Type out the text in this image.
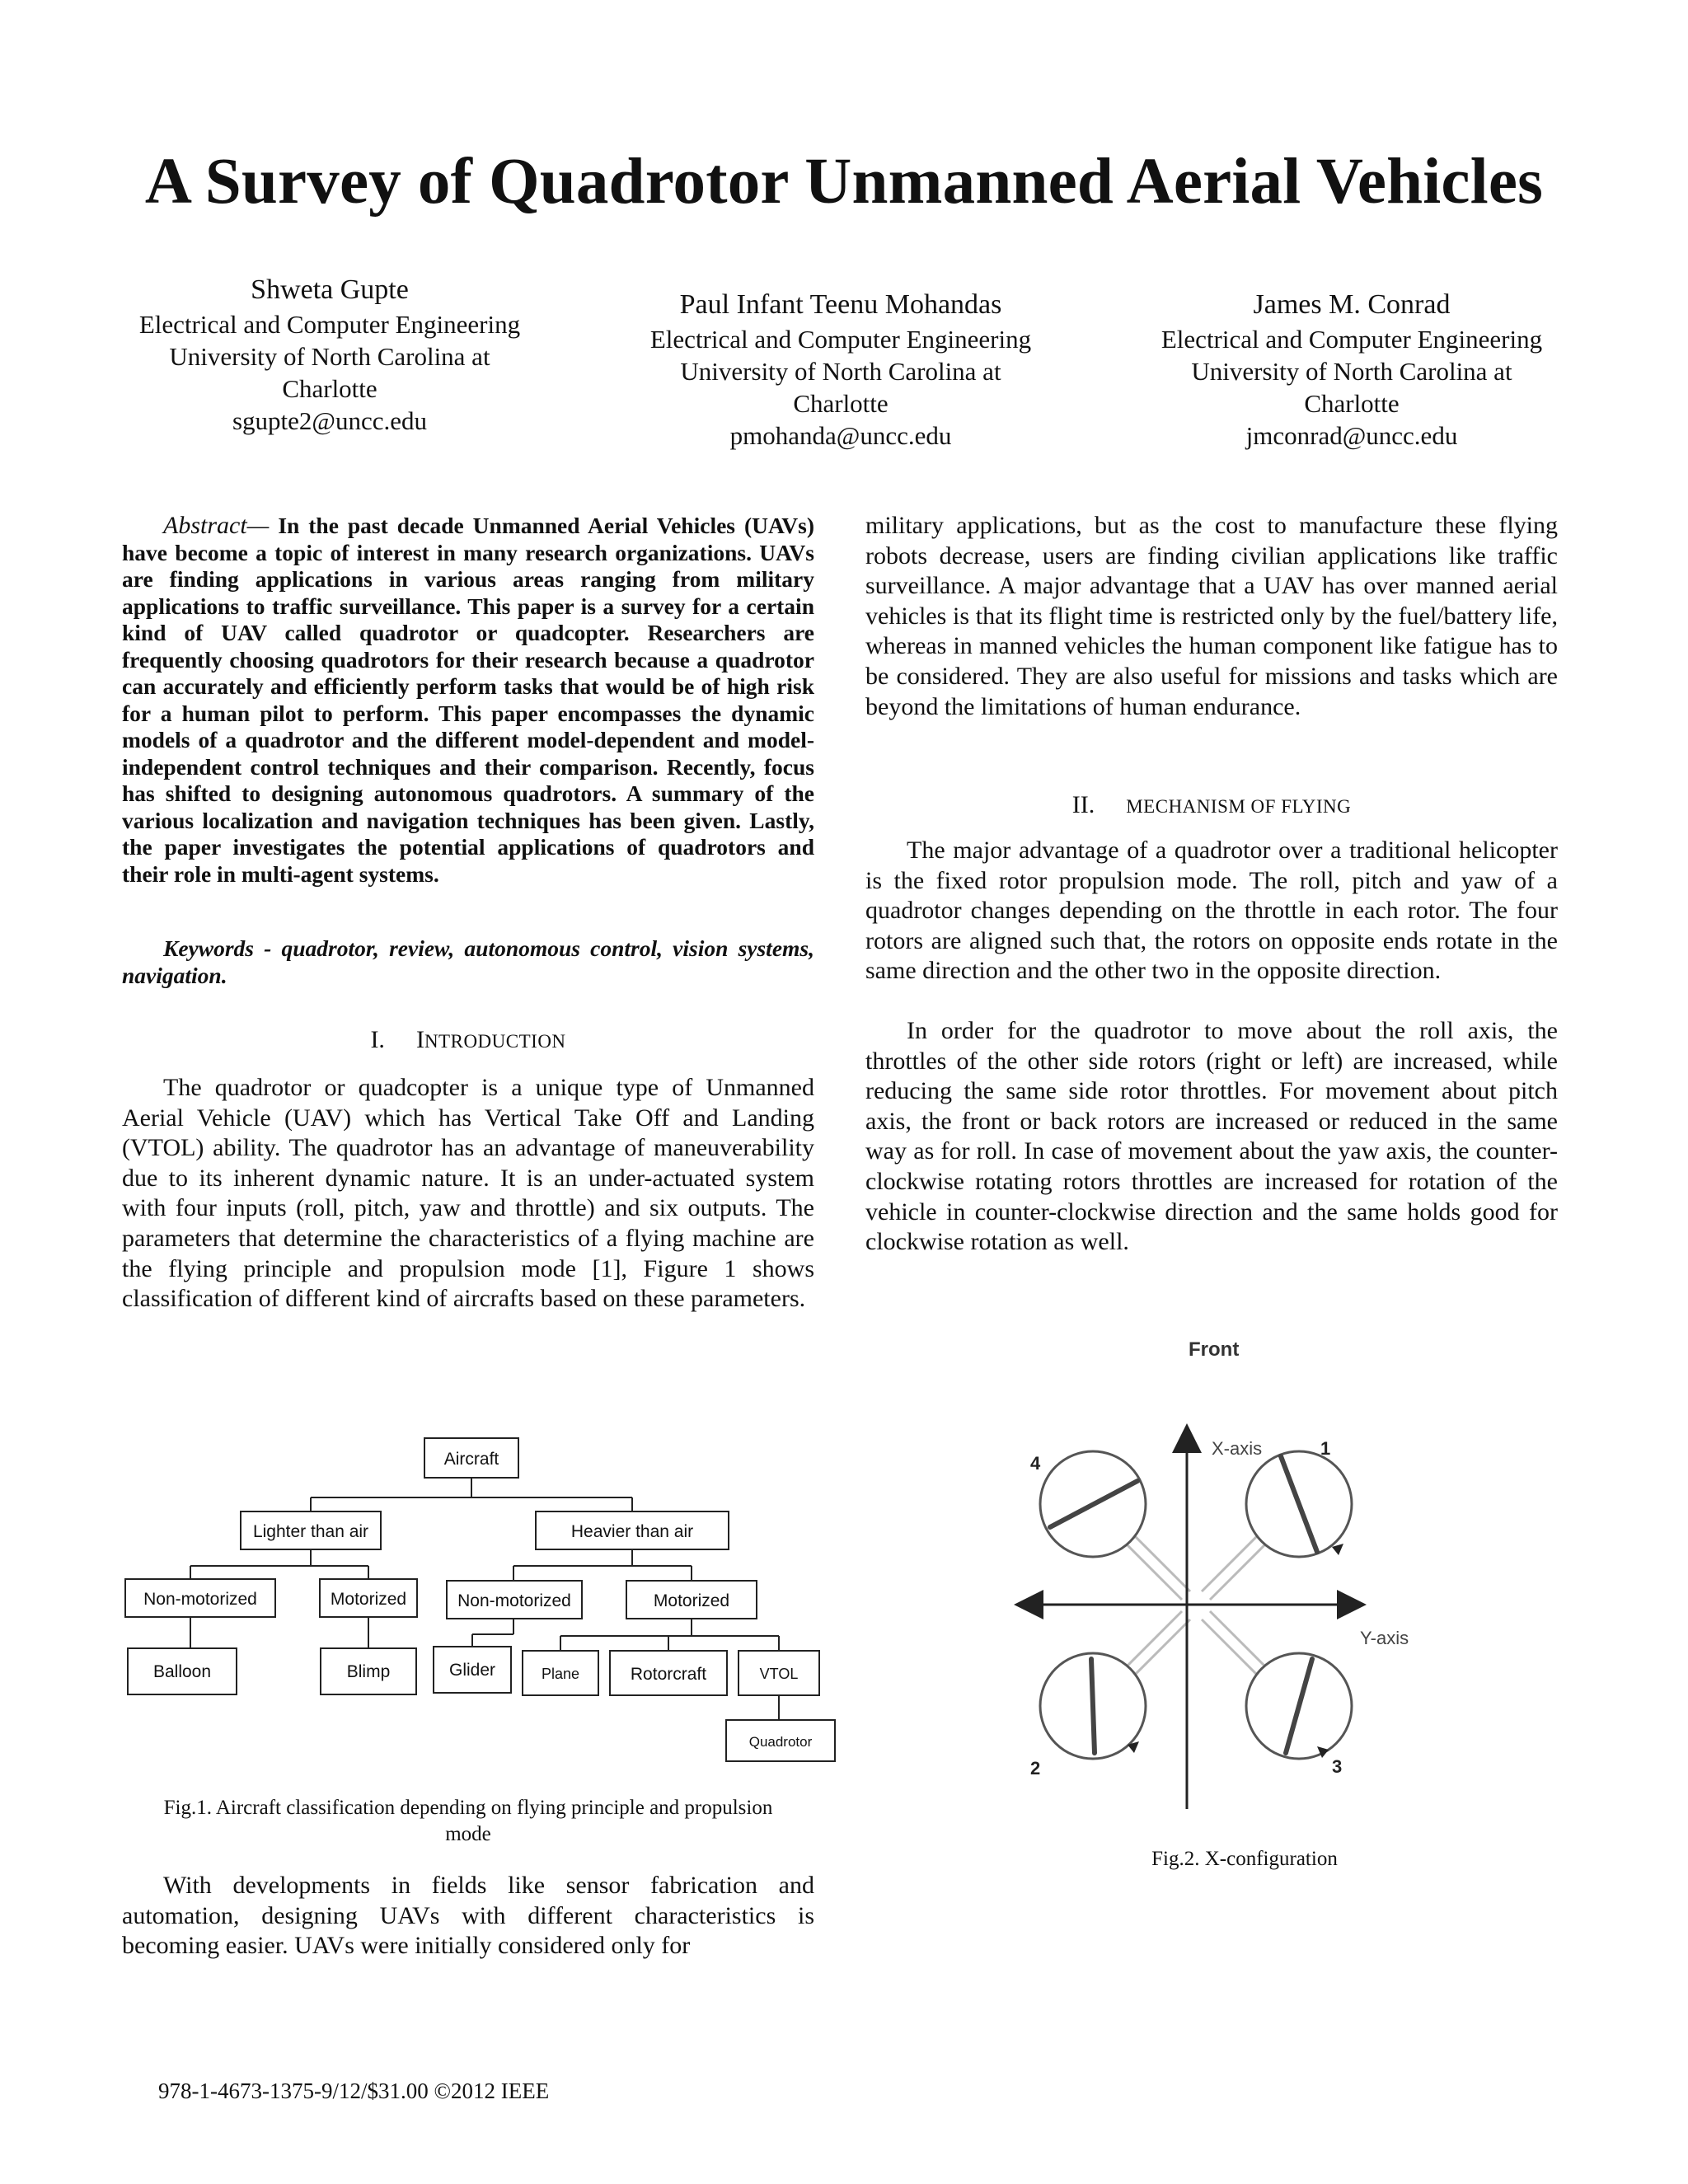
A Survey of Quadrotor Unmanned Aerial Vehicles
Shweta Gupte
Electrical and Computer Engineering
University of North Carolina at
Charlotte
sgupte2@uncc.edu
Paul Infant Teenu Mohandas
Electrical and Computer Engineering
University of North Carolina at
Charlotte
pmohanda@uncc.edu
James M. Conrad
Electrical and Computer Engineering
University of North Carolina at
Charlotte
jmconrad@uncc.edu
Abstract— In the past decade Unmanned Aerial Vehicles (UAVs) have become a topic of interest in many research organizations. UAVs are finding applications in various areas ranging from military applications to traffic surveillance. This paper is a survey for a certain kind of UAV called quadrotor or quadcopter. Researchers are frequently choosing quadrotors for their research because a quadrotor can accurately and efficiently perform tasks that would be of high risk for a human pilot to perform. This paper encompasses the dynamic models of a quadrotor and the different model-dependent and model-independent control techniques and their comparison. Recently, focus has shifted to designing autonomous quadrotors. A summary of the various localization and navigation techniques has been given. Lastly, the paper investigates the potential applications of quadrotors and their role in multi-agent systems.
Keywords - quadrotor, review, autonomous control, vision systems, navigation.
I. INTRODUCTION
The quadrotor or quadcopter is a unique type of Unmanned Aerial Vehicle (UAV) which has Vertical Take Off and Landing (VTOL) ability. The quadrotor has an advantage of maneuverability due to its inherent dynamic nature. It is an under-actuated system with four inputs (roll, pitch, yaw and throttle) and six outputs. The parameters that determine the characteristics of a flying machine are the flying principle and propulsion mode [1], Figure 1 shows classification of different kind of aircrafts based on these parameters.
Aircraft
Lighter than air	Heavier than air
Non-motorized	Motorized	Non-motorized	Motorized
Balloon	Blimp	Glider	Plane	Rotorcraft	VTOL
Quadrotor
Fig.1. Aircraft classification depending on flying principle and propulsion
mode
With developments in fields like sensor fabrication and automation, designing UAVs with different characteristics is becoming easier. UAVs were initially considered only for
military applications, but as the cost to manufacture these flying robots decrease, users are finding civilian applications like traffic surveillance. A major advantage that a UAV has over manned aerial vehicles is that its flight time is restricted only by the fuel/battery life, whereas in manned vehicles the human component like fatigue has to be considered. They are also useful for missions and tasks which are beyond the limitations of human endurance.
II. MECHANISM OF FLYING
The major advantage of a quadrotor over a traditional helicopter is the fixed rotor propulsion mode. The roll, pitch and yaw of a quadrotor changes depending on the throttle in each rotor. The four rotors are aligned such that, the rotors on opposite ends rotate in the same direction and the other two in the opposite direction.
In order for the quadrotor to move about the roll axis, the throttles of the other side rotors (right or left) are increased, while reducing the same side rotor throttles. For movement about pitch axis, the front or back rotors are increased or reduced in the same way as for roll. In case of movement about the yaw axis, the counter-clockwise rotating rotors throttles are increased for rotation of the vehicle in counter-clockwise direction and the same holds good for clockwise rotation as well.
Front
X-axis
Y-axis
4
1
2	3
Fig.2. X-configuration
978-1-4673-1375-9/12/$31.00 ©2012 IEEE
